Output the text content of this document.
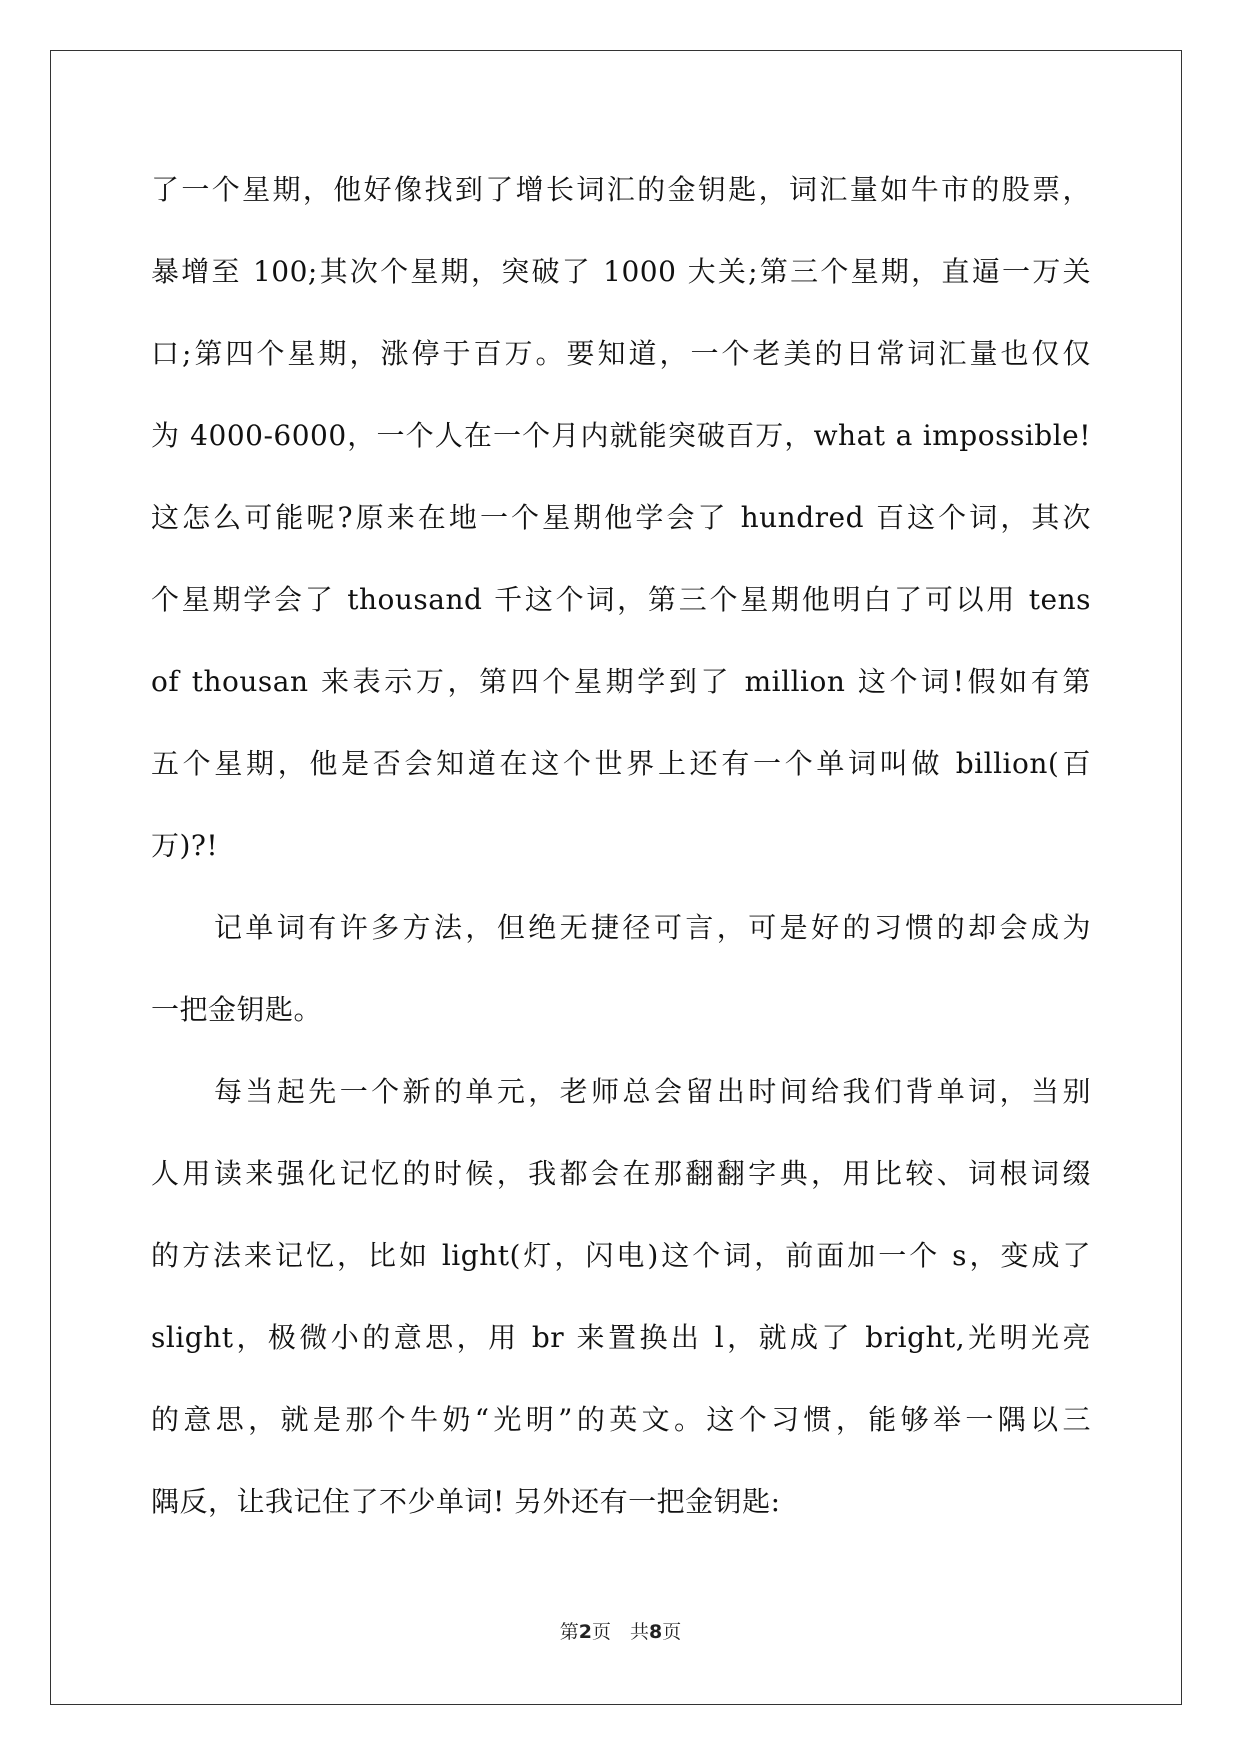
了一个星期，他好像找到了增长词汇的金钥匙，词汇量如牛市的股票，
暴增至 100;其次个星期，突破了 1000 大关;第三个星期，直逼一万关
口;第四个星期，涨停于百万。要知道，一个老美的日常词汇量也仅仅
为 4000-6000，一个人在一个月内就能突破百万，what a impossible!
这怎么可能呢?原来在地一个星期他学会了 hundred 百这个词，其次
个星期学会了 thousand 千这个词，第三个星期他明白了可以用 tens
of thousan 来表示万，第四个星期学到了 million 这个词!假如有第
五个星期，他是否会知道在这个世界上还有一个单词叫做 billion(百
万)?!
记单词有许多方法，但绝无捷径可言，可是好的习惯的却会成为
一把金钥匙。
每当起先一个新的单元，老师总会留出时间给我们背单词，当别
人用读来强化记忆的时候，我都会在那翻翻字典，用比较、词根词缀
的方法来记忆，比如 light(灯，闪电)这个词，前面加一个 s，变成了
slight，极微小的意思，用 br 来置换出 l，就成了 bright,光明光亮
的意思，就是那个牛奶“光明”的英文。这个习惯，能够举一隅以三
隅反，让我记住了不少单词! 另外还有一把金钥匙:
第2页　共8页
